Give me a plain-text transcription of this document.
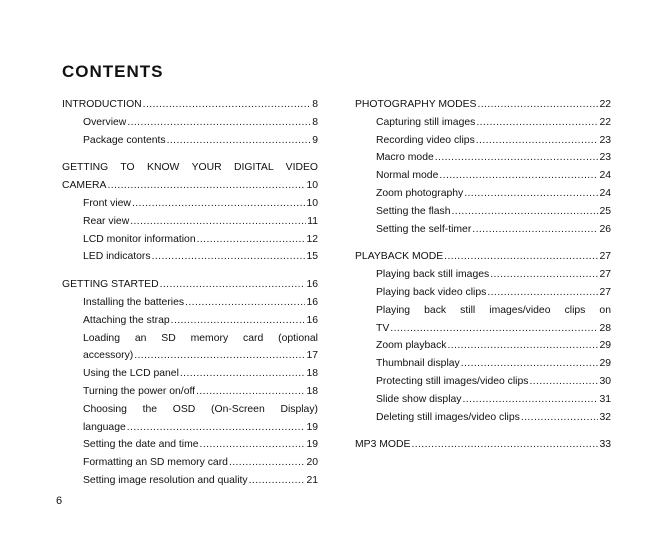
CONTENTS
INTRODUCTION .....	8
Overview .....	8
Package contents .....	9
GETTING TO KNOW YOUR DIGITAL VIDEO
CAMERA .....	10
Front view .....	10
Rear view .....	11
LCD monitor information .....	12
LED indicators .....	15
GETTING STARTED .....	16
Installing the batteries .....	16
Attaching the strap .....	16
Loading an SD memory card (optional
accessory) .....	17
Using the LCD panel .....	18
Turning the power on/off .....	18
Choosing the OSD (On-Screen Display)
language .....	19
Setting the date and time .....	19
Formatting an SD memory card .....	20
Setting image resolution and quality .....	21
PHOTOGRAPHY MODES .....	22
Capturing still images .....	22
Recording video clips .....	23
Macro mode .....	23
Normal mode .....	24
Zoom photography .....	24
Setting the flash .....	25
Setting the self-timer .....	26
PLAYBACK MODE .....	27
Playing back still images .....	27
Playing back video clips .....	27
Playing back still images/video clips on
TV .....	28
Zoom playback .....	29
Thumbnail display .....	29
Protecting still images/video clips .....	30
Slide show display .....	31
Deleting still images/video clips .....	32
MP3 MODE .....	33
6
